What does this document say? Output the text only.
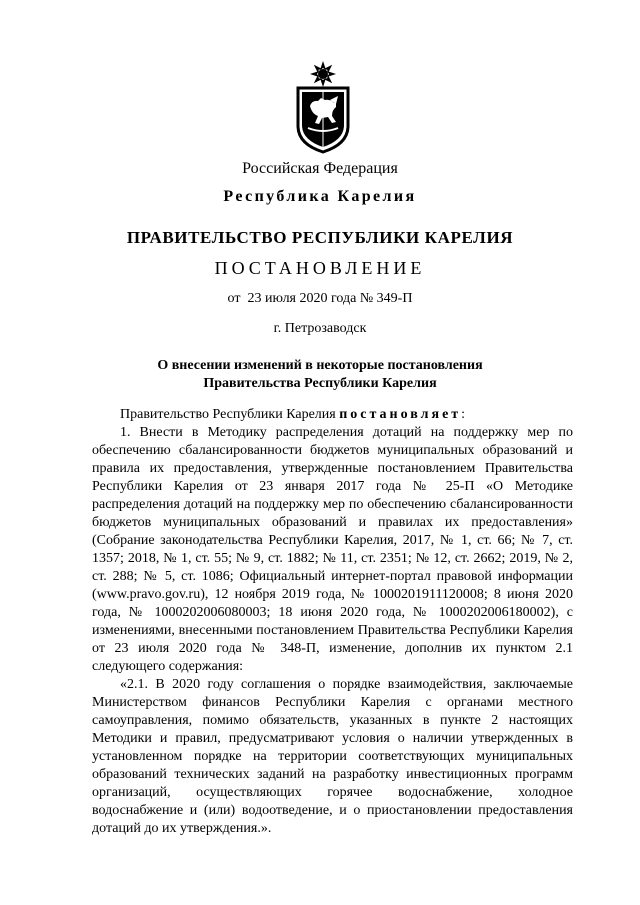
Российская Федерация
Республика Карелия
ПРАВИТЕЛЬСТВО РЕСПУБЛИКИ КАРЕЛИЯ
ПОСТАНОВЛЕНИЕ
от  23 июля 2020 года № 349-П
г. Петрозаводск
О внесении изменений в некоторые постановления
Правительства Республики Карелия

Правительство Республики Карелия постановляет:

1. Внести в Методику распределения дотаций на поддержку мер по обеспечению сбалансированности бюджетов муниципальных образований и правила их предоставления, утвержденные постановлением Правительства Республики Карелия от 23 января 2017 года № 25-П «О Методике распределения дотаций на поддержку мер по обеспечению сбалансированности бюджетов муниципальных образований и правилах их предоставления» (Собрание законодательства Республики Карелия, 2017, № 1, ст. 66; № 7, ст. 1357; 2018, № 1, ст. 55; № 9, ст. 1882; № 11, ст. 2351; № 12, ст. 2662; 2019, № 2, ст. 288; № 5, ст. 1086; Официальный интернет-портал правовой информации (www.pravo.gov.ru), 12 ноября 2019 года, № 1000201911120008; 8 июня 2020 года, № 1000202006080003; 18 июня 2020 года, № 1000202006180002), с изменениями, внесенными постановлением Правительства Республики Карелия от 23 июля 2020 года № 348-П, изменение, дополнив их пунктом 2.1 следующего содержания:

«2.1. В 2020 году соглашения о порядке взаимодействия, заключаемые Министерством финансов Республики Карелия с органами местного самоуправления, помимо обязательств, указанных в пункте 2 настоящих Методики и правил, предусматривают условия о наличии утвержденных в установленном порядке на территории соответствующих муниципальных образований технических заданий на разработку инвестиционных программ организаций, осуществляющих горячее водоснабжение, холодное водоснабжение и (или) водоотведение, и о приостановлении предоставления дотаций до их утверждения.».
